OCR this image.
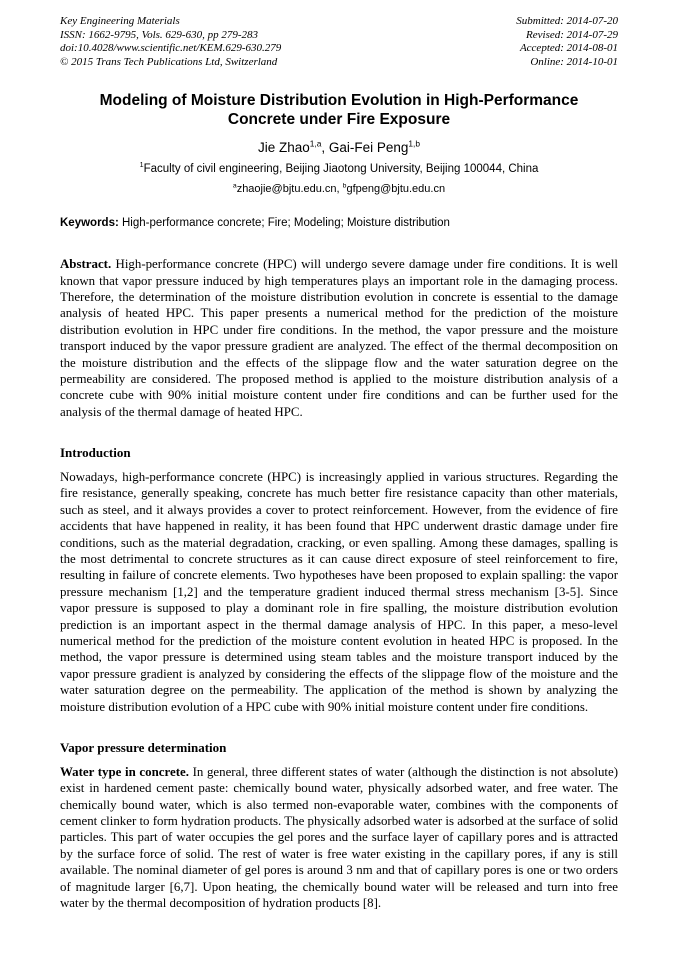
Key Engineering Materials
ISSN: 1662-9795, Vols. 629-630, pp 279-283
doi:10.4028/www.scientific.net/KEM.629-630.279
© 2015 Trans Tech Publications Ltd, Switzerland
Submitted: 2014-07-20
Revised: 2014-07-29
Accepted: 2014-08-01
Online: 2014-10-01
Modeling of Moisture Distribution Evolution in High-Performance Concrete under Fire Exposure
Jie Zhao$^{1,a}$, Gai-Fei Peng$^{1,b}$
$^1$Faculty of civil engineering, Beijing Jiaotong University, Beijing 100044, China
$^a$zhaojie@bjtu.edu.cn, $^b$gfpeng@bjtu.edu.cn
Keywords: High-performance concrete; Fire; Modeling; Moisture distribution

Abstract. High-performance concrete (HPC) will undergo severe damage under fire conditions. It is well known that vapor pressure induced by high temperatures plays an important role in the damaging process. Therefore, the determination of the moisture distribution evolution in concrete is essential to the damage analysis of heated HPC. This paper presents a numerical method for the prediction of the moisture distribution evolution in HPC under fire conditions. In the method, the vapor pressure and the moisture transport induced by the vapor pressure gradient are analyzed. The effect of the thermal decomposition on the moisture distribution and the effects of the slippage flow and the water saturation degree on the permeability are considered. The proposed method is applied to the moisture distribution analysis of a concrete cube with 90% initial moisture content under fire conditions and can be further used for the analysis of the thermal damage of heated HPC.

Introduction

Nowadays, high-performance concrete (HPC) is increasingly applied in various structures. Regarding the fire resistance, generally speaking, concrete has much better fire resistance capacity than other materials, such as steel, and it always provides a cover to protect reinforcement. However, from the evidence of fire accidents that have happened in reality, it has been found that HPC underwent drastic damage under fire conditions, such as the material degradation, cracking, or even spalling. Among these damages, spalling is the most detrimental to concrete structures as it can cause direct exposure of steel reinforcement to fire, resulting in failure of concrete elements. Two hypotheses have been proposed to explain spalling: the vapor pressure mechanism [1,2] and the temperature gradient induced thermal stress mechanism [3-5]. Since vapor pressure is supposed to play a dominant role in fire spalling, the moisture distribution evolution prediction is an important aspect in the thermal damage analysis of HPC. In this paper, a meso-level numerical method for the prediction of the moisture content evolution in heated HPC is proposed. In the method, the vapor pressure is determined using steam tables and the moisture transport induced by the vapor pressure gradient is analyzed by considering the effects of the slippage flow of the moisture and the water saturation degree on the permeability. The application of the method is shown by analyzing the moisture distribution evolution of a HPC cube with 90% initial moisture content under fire conditions.

Vapor pressure determination

Water type in concrete. In general, three different states of water (although the distinction is not absolute) exist in hardened cement paste: chemically bound water, physically adsorbed water, and free water. The chemically bound water, which is also termed non-evaporable water, combines with the components of cement clinker to form hydration products. The physically adsorbed water is adsorbed at the surface of solid particles. This part of water occupies the gel pores and the surface layer of capillary pores and is attracted by the surface force of solid. The rest of water is free water existing in the capillary pores, if any is still available. The nominal diameter of gel pores is around 3 nm and that of capillary pores is one or two orders of magnitude larger [6,7]. Upon heating, the chemically bound water will be released and turn into free water by the thermal decomposition of hydration products [8].
